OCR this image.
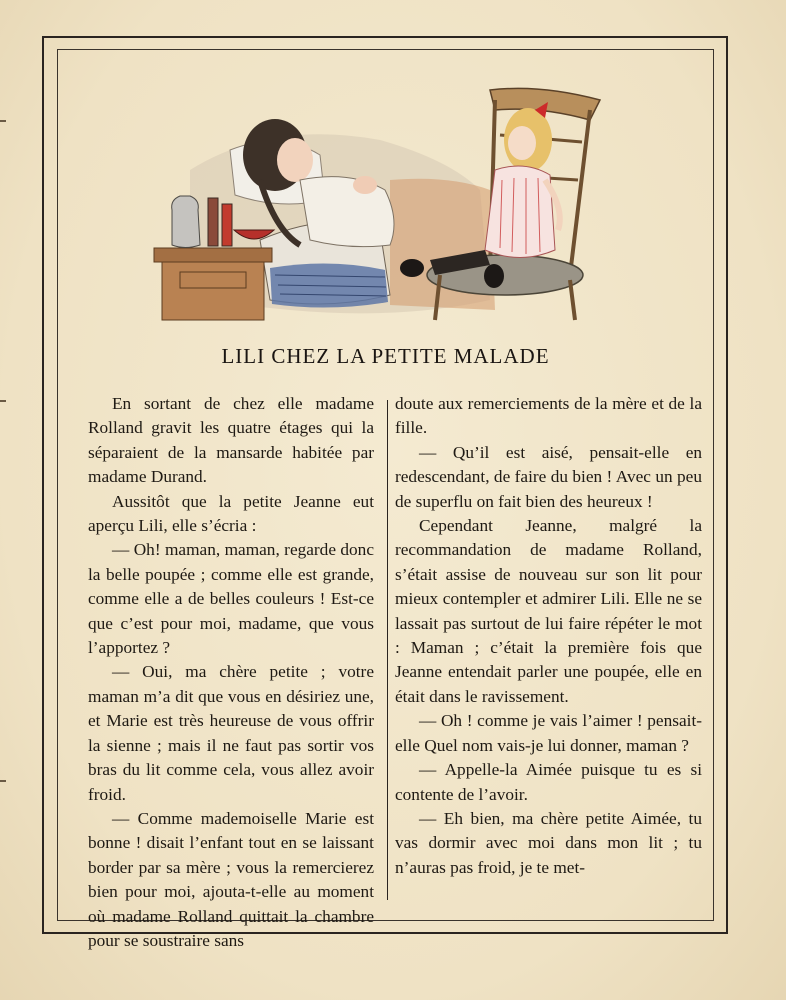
LILI CHEZ LA PETITE MALADE

En sortant de chez elle madame Rolland gravit les quatre étages qui la séparaient de la mansarde habitée par madame Durand.

Aussitôt que la petite Jeanne eut aperçu Lili, elle s’écria :

— Oh! maman, maman, regarde donc la belle poupée ; comme elle est grande, comme elle a de belles couleurs ! Est-ce que c’est pour moi, madame, que vous l’apportez ?

— Oui, ma chère petite ; votre maman m’a dit que vous en désiriez une, et Marie est très heureuse de vous offrir la sienne ; mais il ne faut pas sortir vos bras du lit comme cela, vous allez avoir froid.

— Comme mademoiselle Marie est bonne ! disait l’enfant tout en se laissant border par sa mère ; vous la remercierez bien pour moi, ajouta-t-elle au moment où madame Rolland quittait la chambre pour se soustraire sans

doute aux remerciements de la mère et de la fille.

— Qu’il est aisé, pensait-elle en redescendant, de faire du bien ! Avec un peu de superflu on fait bien des heureux !

Cependant Jeanne, malgré la recommandation de madame Rolland, s’était assise de nouveau sur son lit pour mieux contempler et admirer Lili. Elle ne se lassait pas surtout de lui faire répéter le mot : Maman ; c’était la première fois que Jeanne entendait parler une poupée, elle en était dans le ravissement.

— Oh ! comme je vais l’aimer ! pensait-elle Quel nom vais-je lui donner, maman ?

— Appelle-la Aimée puisque tu es si contente de l’avoir.

— Eh bien, ma chère petite Aimée, tu vas dormir avec moi dans mon lit ; tu n’auras pas froid, je te met-
